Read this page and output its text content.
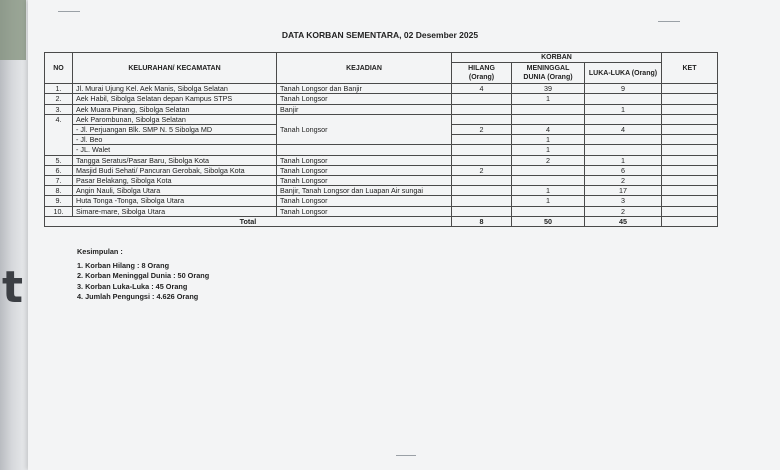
t
DATA KORBAN SEMENTARA, 02 Desember 2025
NO	KELURAHAN/ KECAMATAN	KEJADIAN	KORBAN			KET
			HILANG (Orang)	MENINGGAL DUNIA (Orang)	LUKA-LUKA (Orang)	
1.	Jl. Murai Ujung Kel. Aek Manis, Sibolga Selatan	Tanah Longsor dan Banjir	4	39	9	
2.	Aek Habil, Sibolga Selatan depan Kampus STPS	Tanah Longsor		1		
3.	Aek Muara Pinang, Sibolga Selatan	Banjir			1	
4.	Aek Parombunan, Sibolga Selatan	Tanah Longsor				
	- Jl. Perjuangan Blk. SMP N. 5 Sibolga MD		2	4	4	
	- Jl. Beo			1		
	- JL. Walet			1		
5.	Tangga Seratus/Pasar Baru, Sibolga Kota	Tanah Longsor		2	1	
6.	Masjid Budi Sehati/ Pancuran Gerobak, Sibolga Kota	Tanah Longsor	2		6	
7.	Pasar Belakang, Sibolga Kota	Tanah Longsor			2	
8.	Angin Nauli, Sibolga Utara	Banjir, Tanah Longsor dan Luapan Air sungai		1	17	
9.	Huta Tonga -Tonga, Sibolga Utara	Tanah Longsor		1	3	
10.	Simare-mare, Sibolga Utara	Tanah Longsor			2	
Total			8	50	45	
Kesimpulan :
1. Korban Hilang : 8 Orang
2. Korban Meninggal Dunia : 50 Orang
3. Korban Luka-Luka : 45 Orang
4. Jumlah Pengungsi : 4.626 Orang
